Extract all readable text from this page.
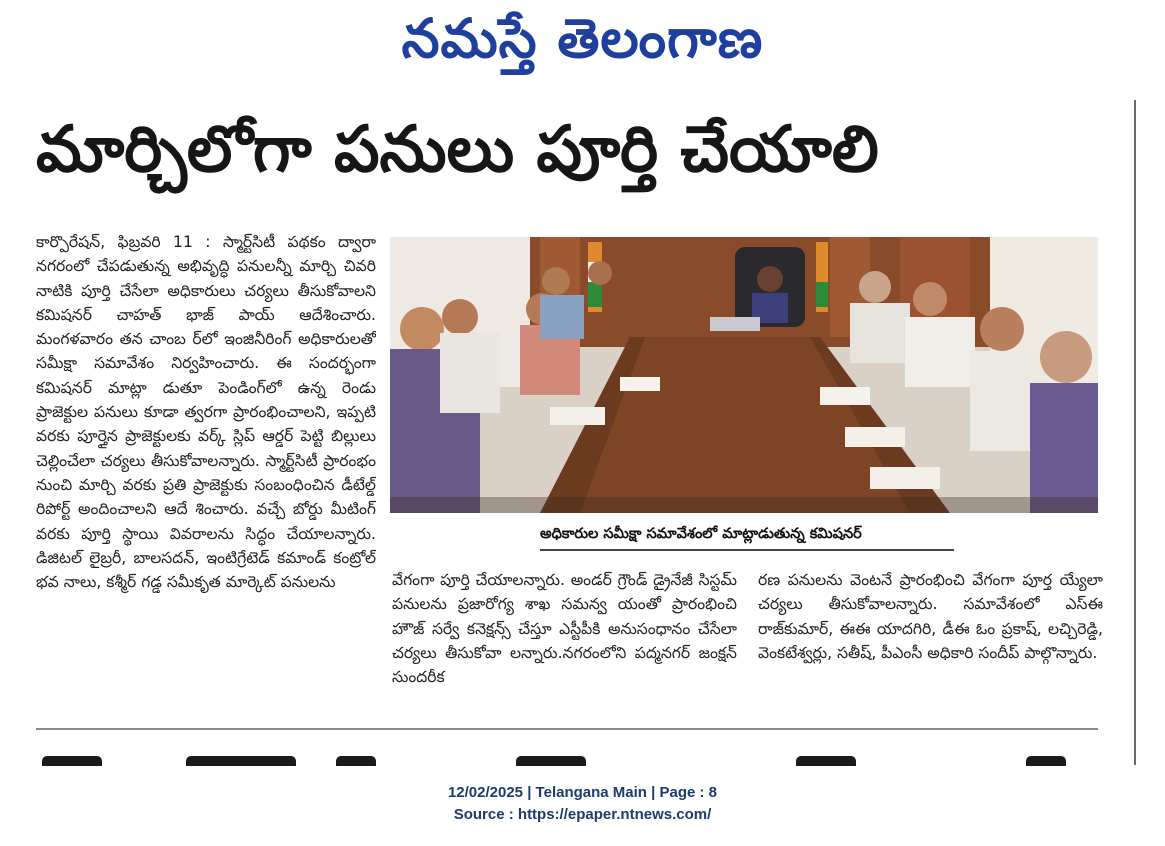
నమస్తే తెలంగాణ
మార్చిలోగా పనులు పూర్తి చేయాలి

కార్పొరేషన్, ఫిబ్రవరి 11 : స్మార్ట్‌సిటీ పథకం ద్వారా నగరంలో చేపడుతున్న అభివృద్ధి పనులన్నీ మార్చి చివరి నాటికి పూర్తి చేసేలా అధికారులు చర్యలు తీసుకోవాలని కమిషనర్ చాహత్ భాజ్ పాయ్ ఆదేశించారు. మంగళవారం తన చాంబ ర్‌లో ఇంజినీరింగ్ అధికారులతో సమీక్షా సమావేశం నిర్వహించారు. ఈ సందర్భంగా కమిషనర్ మాట్లా డుతూ పెండింగ్‌లో ఉన్న రెండు ప్రాజెక్టుల పనులు కూడా త్వరగా ప్రారంభించాలని, ఇప్పటి వరకు పూర్తైన ప్రాజెక్టులకు వర్క్ స్లిప్ ఆర్డర్ పెట్టి బిల్లులు చెల్లించేలా చర్యలు తీసుకోవాలన్నారు. స్మార్ట్‌సిటీ ప్రారంభం నుంచి మార్చి వరకు ప్రతి ప్రాజెక్టుకు సంబంధించిన డీటేల్డ్ రిపోర్ట్ అందించాలని ఆదే శించారు. వచ్చే బోర్డు మీటింగ్ వరకు పూర్తి స్థాయి వివరాలను సిద్ధం చేయాలన్నారు. డిజిటల్ లైబ్రరీ, బాలసదన్, ఇంటిగ్రేటెడ్ కమాండ్ కంట్రోల్ భవ నాలు, కశ్మీర్ గడ్డ సమీకృత మార్కెట్ పనులను

అధికారుల సమీక్షా సమావేశంలో మాట్లాడుతున్న కమిషనర్

వేగంగా పూర్తి చేయాలన్నారు. అండర్ గ్రౌండ్ డ్రైనేజీ సిస్టమ్ పనులను ప్రజారోగ్య శాఖ సమన్వ యంతో ప్రారంభించి హౌజ్ సర్వే కనెక్షన్స్ చేస్తూ ఎస్టీపీకి అనుసంధానం చేసేలా చర్యలు తీసుకోవా లన్నారు.నగరంలోని పద్మనగర్ జంక్షన్ సుందరీక

రణ పనులను వెంటనే ప్రారంభించి వేగంగా పూర్త య్యేలా చర్యలు తీసుకోవాలన్నారు. సమావేశంలో ఎస్ఈ రాజ్‌కుమార్, ఈఈ యాదగిరి, డీఈ ఓం ప్రకాష్, లచ్చిరెడ్డి, వెంకటేశ్వర్లు, సతీష్, పీఎంసీ అధికారి సందీప్ పాల్గొన్నారు.

12/02/2025 | Telangana Main | Page : 8
Source : https://epaper.ntnews.com/
